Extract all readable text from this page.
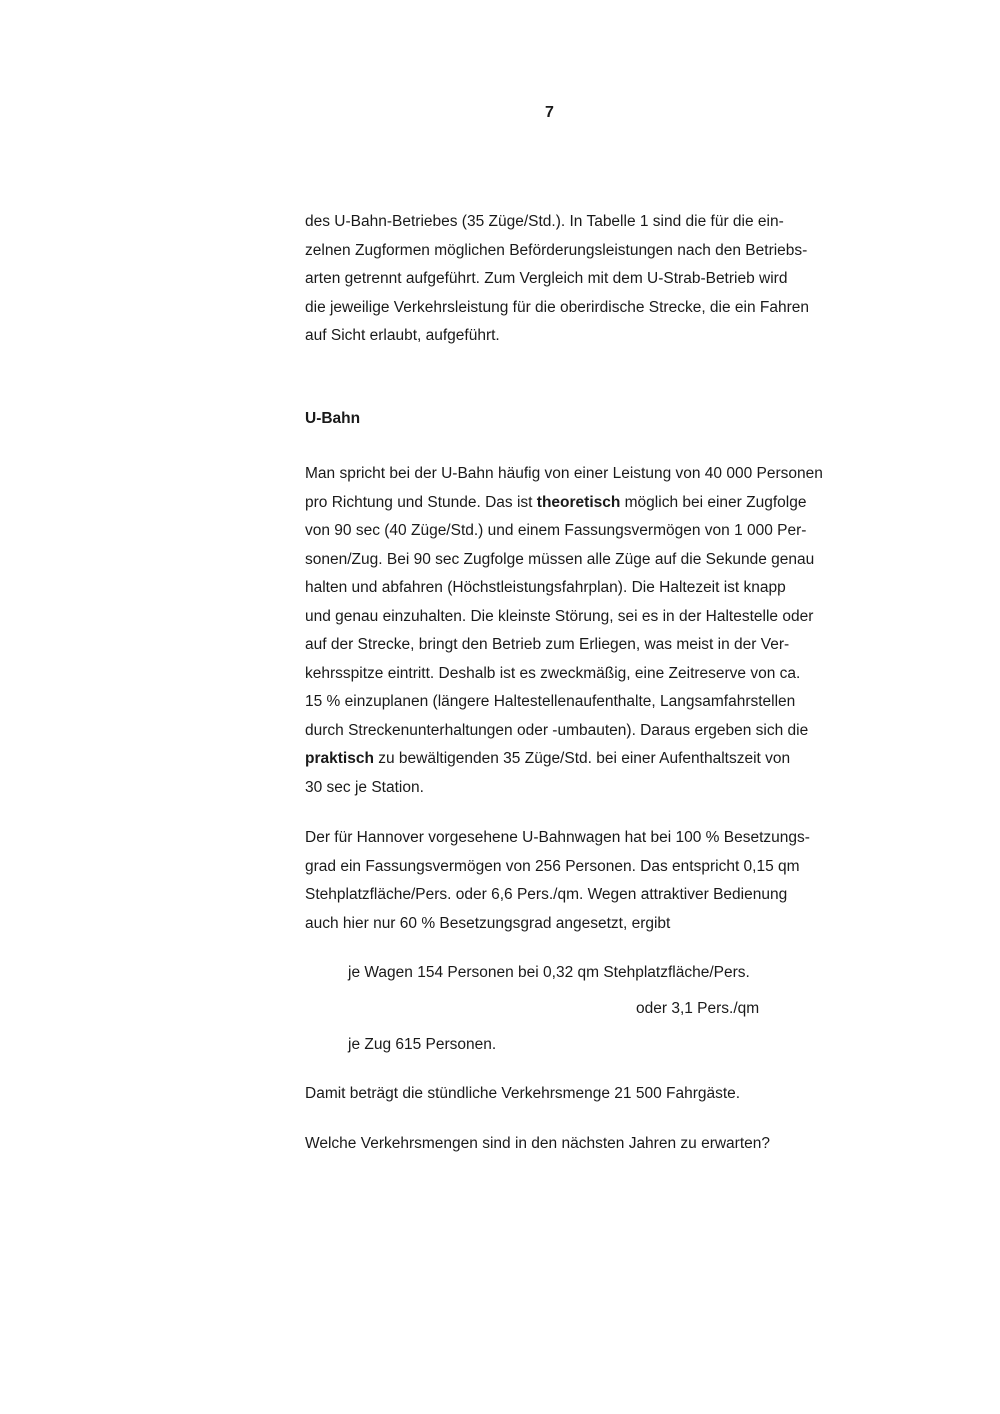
7

des U-Bahn-Betriebes (35 Züge/Std.). In Tabelle 1 sind die für die ein-

zelnen Zugformen möglichen Beförderungsleistungen nach den Betriebs-

arten getrennt aufgeführt. Zum Vergleich mit dem U-Strab-Betrieb wird

die jeweilige Verkehrsleistung für die oberirdische Strecke, die ein Fahren

auf Sicht erlaubt, aufgeführt.

U-Bahn

Man spricht bei der U-Bahn häufig von einer Leistung von 40 000 Personen

pro Richtung und Stunde. Das ist theoretisch möglich bei einer Zugfolge

von 90 sec (40 Züge/Std.) und einem Fassungsvermögen von 1 000 Per-

sonen/Zug. Bei 90 sec Zugfolge müssen alle Züge auf die Sekunde genau

halten und abfahren (Höchstleistungsfahrplan). Die Haltezeit ist knapp

und genau einzuhalten. Die kleinste Störung, sei es in der Haltestelle oder

auf der Strecke, bringt den Betrieb zum Erliegen, was meist in der Ver-

kehrsspitze eintritt. Deshalb ist es zweckmäßig, eine Zeitreserve von ca.

15 % einzuplanen (längere Haltestellenaufenthalte, Langsamfahrstellen

durch Streckenunterhaltungen oder -umbauten). Daraus ergeben sich die

praktisch zu bewältigenden 35 Züge/Std. bei einer Aufenthaltszeit von

30 sec je Station.

Der für Hannover vorgesehene U-Bahnwagen hat bei 100 % Besetzungs-

grad ein Fassungsvermögen von 256 Personen. Das entspricht 0,15 qm

Stehplatzfläche/Pers. oder 6,6 Pers./qm. Wegen attraktiver Bedienung

auch hier nur 60 % Besetzungsgrad angesetzt, ergibt

je Wagen 154 Personen bei 0,32 qm Stehplatzfläche/Pers.
oder 3,1 Pers./qm
je Zug 615 Personen.
Damit beträgt die stündliche Verkehrsmenge 21 500 Fahrgäste.
Welche Verkehrsmengen sind in den nächsten Jahren zu erwarten?
